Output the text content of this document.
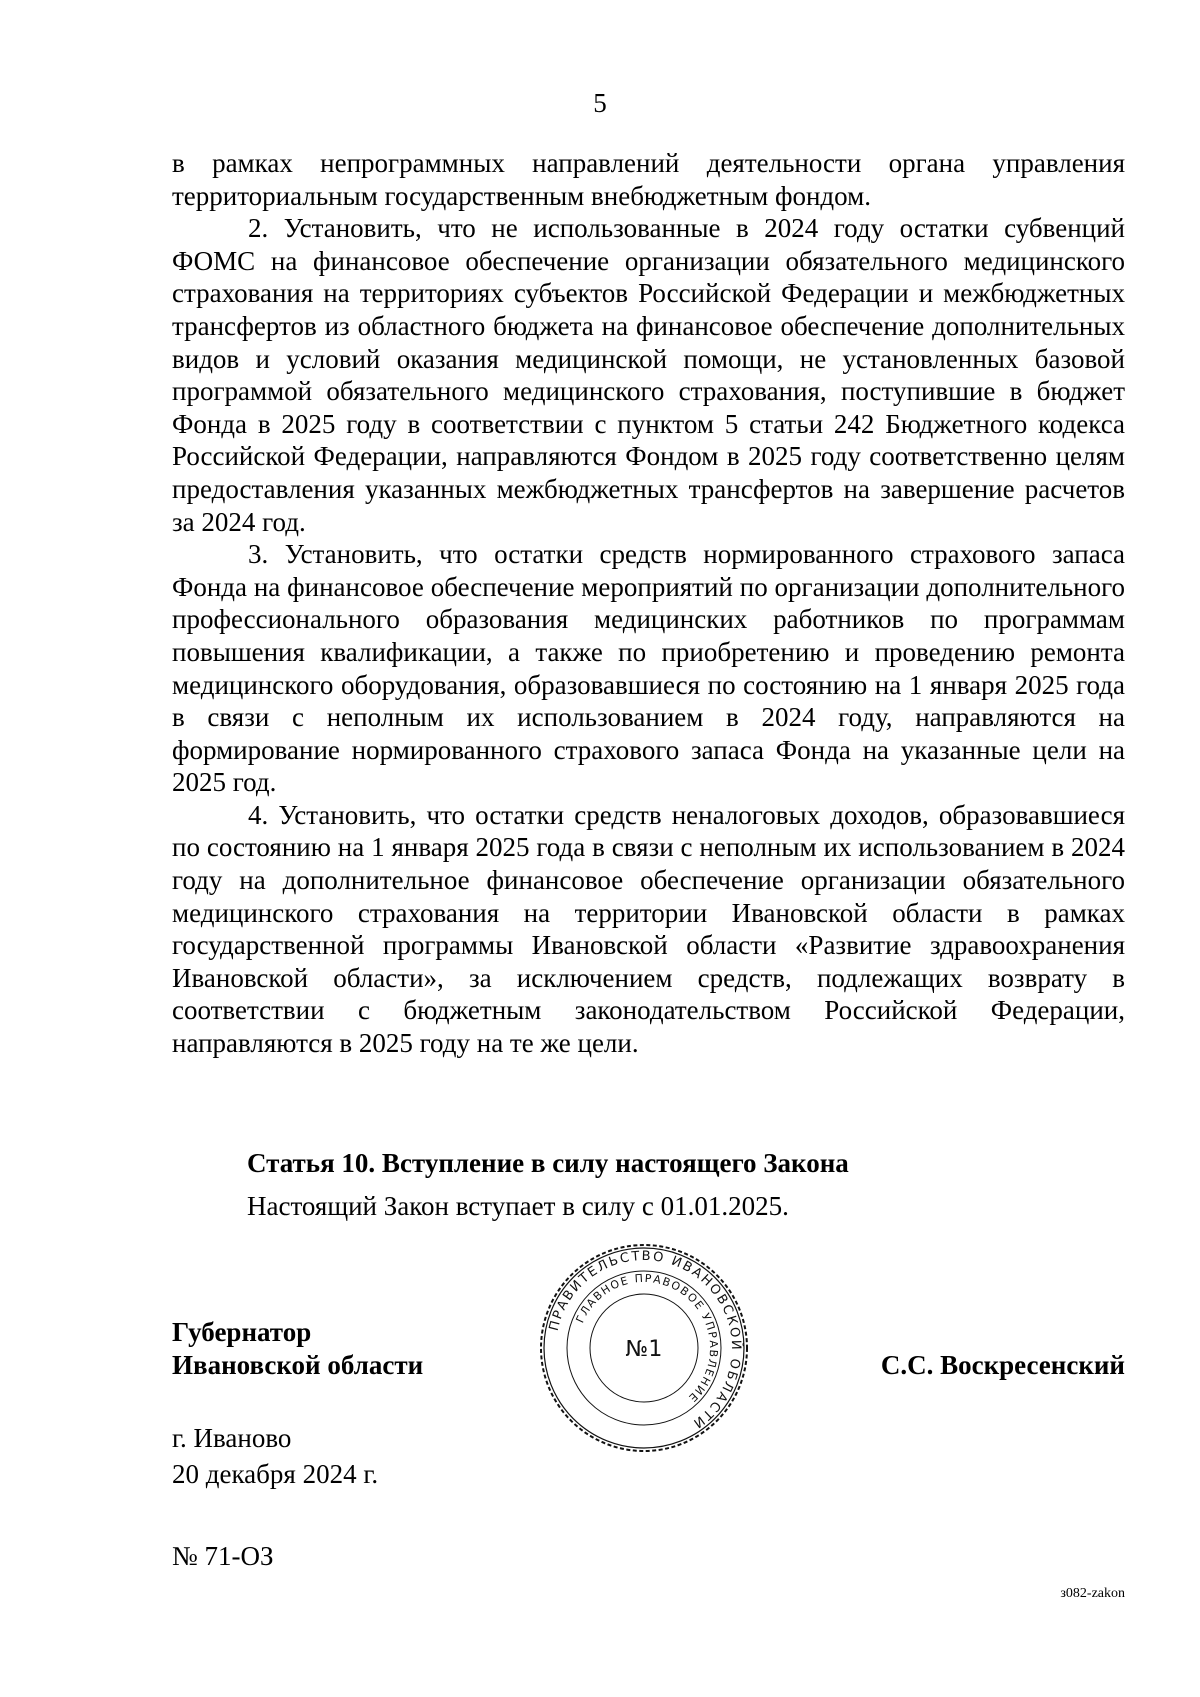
5

в рамках непрограммных направлений деятельности органа управления территориальным государственным внебюджетным фондом.

2. Установить, что не использованные в 2024 году остатки субвенций ФОМС на финансовое обеспечение организации обязательного медицинского страхования на территориях субъектов Российской Федерации и межбюджетных трансфертов из областного бюджета на финансовое обеспечение дополнительных видов и условий оказания медицинской помощи, не установленных базовой программой обязательного медицинского страхования, поступившие в бюджет Фонда в 2025 году в соответствии с пунктом 5 статьи 242 Бюджетного кодекса Российской Федерации, направляются Фондом в 2025 году соответственно целям предоставления указанных межбюджетных трансфертов на завершение расчетов за 2024 год.

3. Установить, что остатки средств нормированного страхового запаса Фонда на финансовое обеспечение мероприятий по организации дополнительного профессионального образования медицинских работников по программам повышения квалификации, а также по приобретению и проведению ремонта медицинского оборудования, образовавшиеся по состоянию на 1 января 2025 года в связи с неполным их использованием в 2024 году, направляются на формирование нормированного страхового запаса Фонда на указанные цели на 2025 год.

4. Установить, что остатки средств неналоговых доходов, образовавшиеся по состоянию на 1 января 2025 года в связи с неполным их использованием в 2024 году на дополнительное финансовое обеспечение организации обязательного медицинского страхования на территории Ивановской области в рамках государственной программы Ивановской области «Развитие здравоохранения Ивановской области», за исключением средств, подлежащих возврату в соответствии с бюджетным законодательством Российской Федерации, направляются в 2025 году на те же цели.

Статья 10. Вступление в силу настоящего Закона
Настоящий Закон вступает в силу с 01.01.2025.
Губернатор
Ивановской области
ПРАВИТЕЛЬСТВО ИВАНОВСКОЙ ОБЛАСТИ
ГЛАВНОЕ ПРАВОВОЕ УПРАВЛЕНИЕ
№1
С.С. Воскресенский
г. Иваново
20 декабря 2024 г.
№ 71-ОЗ
з082-zakon
